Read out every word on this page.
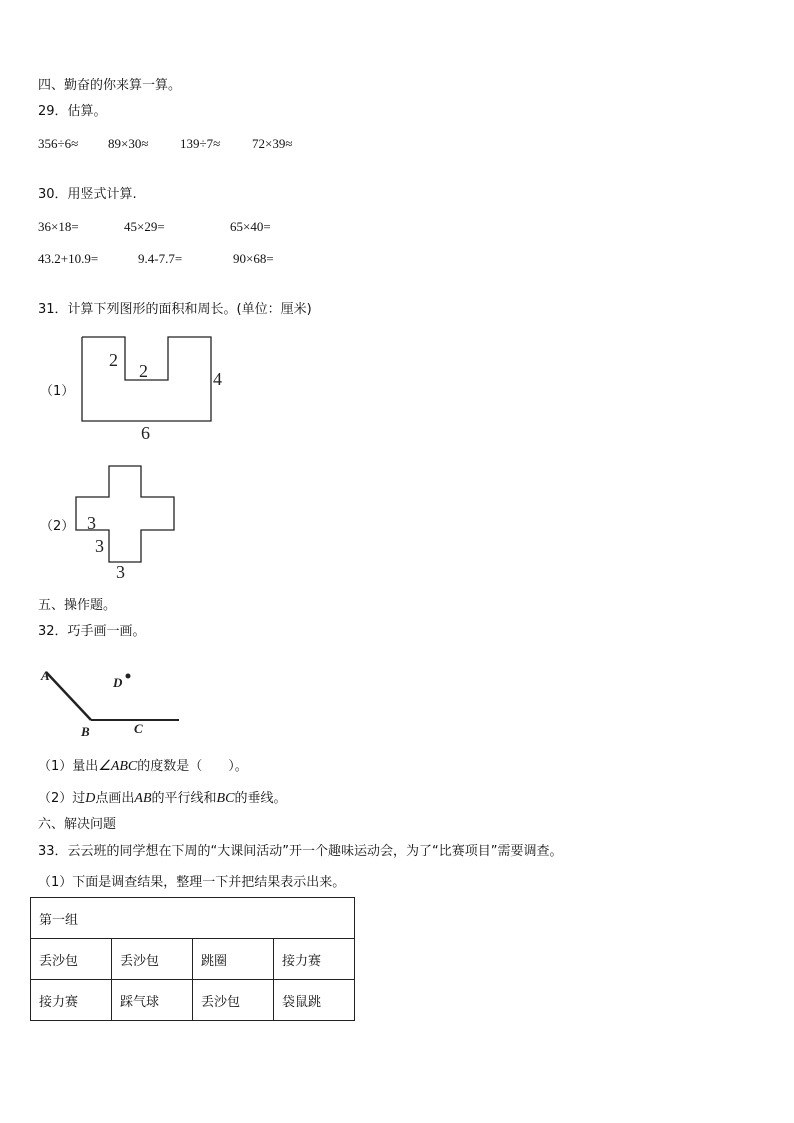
四、勤奋的你来算一算。
29．估算。
356÷6≈ 89×30≈ 139÷7≈ 72×39≈
30．用竖式计算.
36×18=	45×29=	65×40=
43.2+10.9=	9.4-7.7=	90×68=
31．计算下列图形的面积和周长。(单位：厘米)
（1）
2
2	4
6
（2） 3
3
3
五、操作题。
32．巧手画一画。
A
B	C
D
（1）量出∠ABC的度数是（　　）。
（2）过D点画出AB的平行线和BC的垂线。
六、解决问题
33．云云班的同学想在下周的“大课间活动”开一个趣味运动会，为了“比赛项目”需要调查。
（1）下面是调查结果，整理一下并把结果表示出来。
第一组			
丢沙包	丢沙包	跳圈	接力赛
接力赛	踩气球	丢沙包	袋鼠跳
